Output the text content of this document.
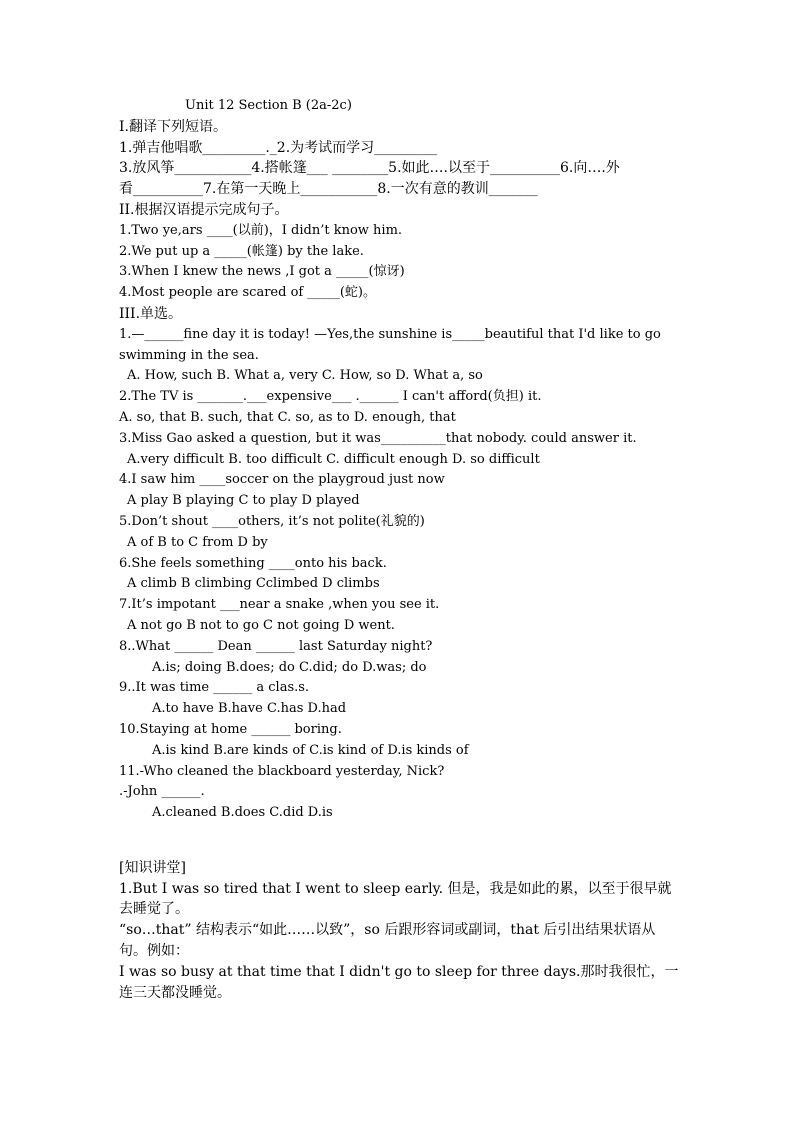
Unit 12 Section B (2a-2c)
I.翻译下列短语。
1.弹吉他唱歌_________._2.为考试而学习_________
3.放风筝___________4.搭帐篷___ ________5.如此….以至于__________6.向….外
看__________7.在第一天晚上___________8.一次有意的教训_______
II.根据汉语提示完成句子。
1.Two ye,ars ____(以前)，I didn’t know him.
2.We put up a _____(帐篷) by the lake.
3.When I knew the news ,I got a _____(惊讶)
4.Most people are scared of _____(蛇)。
III.单选。
1.—______fine day it is today! —Yes,the sunshine is_____beautiful that I'd like to go swimming in the sea.
A. How, such B. What a, very C. How, so D. What a, so
2.The TV is _______.___expensive___ .______ I can't afford(负担) it.
A. so, that B. such, that C. so, as to D. enough, that
3.Miss Gao asked a question, but it was__________that nobody. could answer it.
A.very difficult B. too difficult C. difficult enough D. so difficult
4.I saw him ____soccer on the playgroud just now
A play B playing C to play D played
5.Don’t shout ____others, it’s not polite(礼貌的)
A of B to C from D by
6.She feels something ____onto his back.
A climb B climbing Cclimbed D climbs
7.It’s impotant ___near a snake ,when you see it.
A not go B not to go C not going D went.
8..What ______ Dean ______ last Saturday night?
A.is; doing B.does; do C.did; do D.was; do
9..It was time ______ a clas.s.
A.to have B.have C.has D.had
10.Staying at home ______ boring.
A.is kind B.are kinds of C.is kind of D.is kinds of
11.-Who cleaned the blackboard yesterday, Nick?
.-John ______.
A.cleaned B.does C.did D.is
[知识讲堂]
1.But I was so tired that I went to sleep early. 但是，我是如此的累，以至于很早就去睡觉了。
“so…that” 结构表示“如此……以致”，so 后跟形容词或副词，that 后引出结果状语从句。例如：
I was so busy at that time that I didn't go to sleep for three days.那时我很忙，一连三天都没睡觉。
